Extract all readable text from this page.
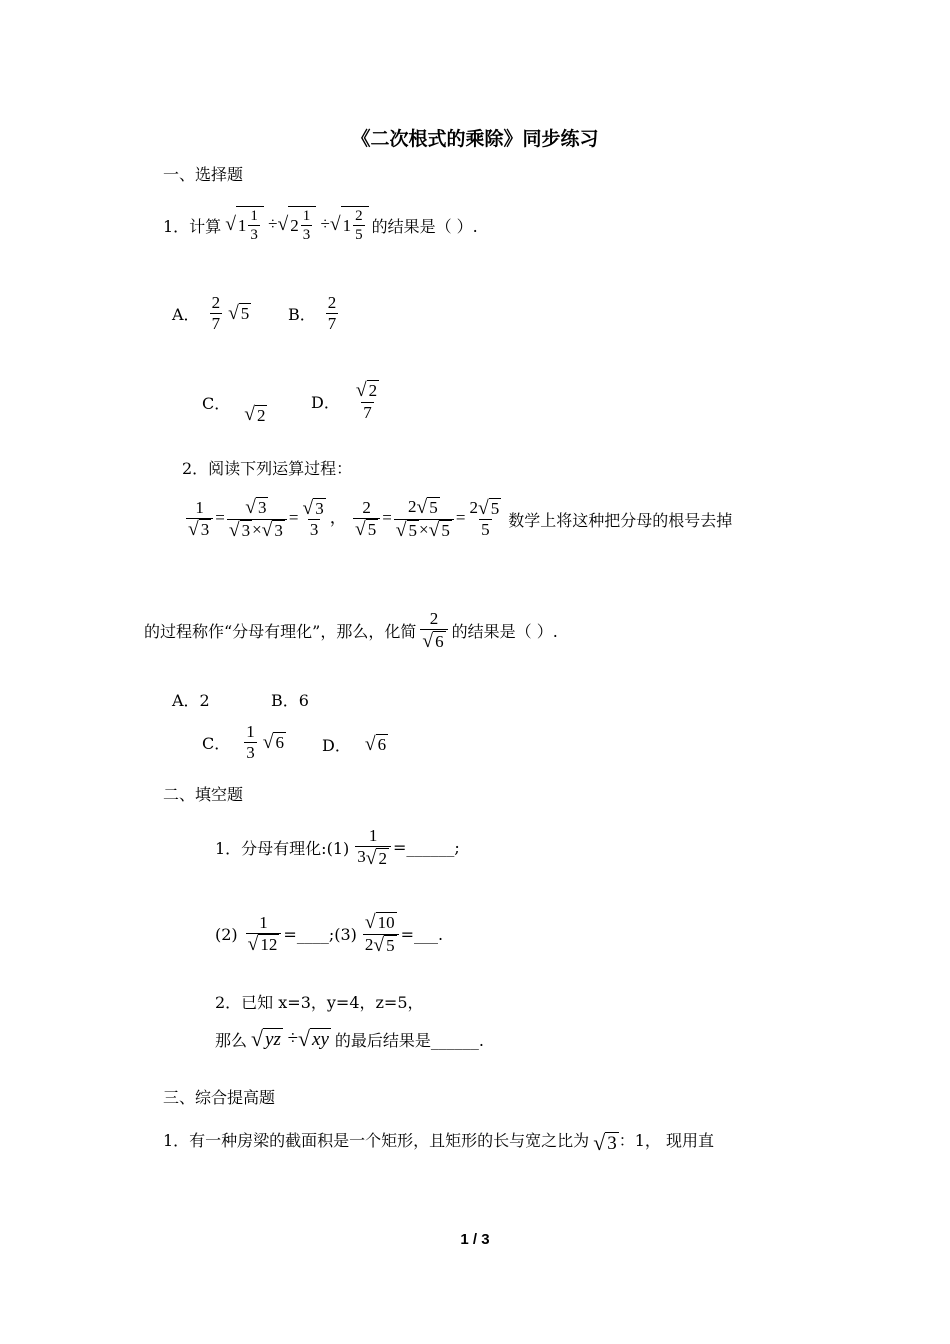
《二次根式的乘除》同步练习
一、选择题
1．计算 √ $1 \frac{1}{3}$ ÷ √ $2 \frac{1}{3}$ ÷ √ $1 \frac{2}{5}$ 的结果是（ ）.
A． $\frac{2}{7}$ √ 5 B． $\frac{2}{7}$
C．
√ 2
D． $\frac{√ 2}{7}$
2．阅读下列运算过程：
$\frac{1}{√ 3} = \frac{√ 3}{√ 3 \times √ 3} = \frac{√ 3}{3}$ ， $\frac{2}{√ 5} = \frac{2 √ 5}{√ 5 \times √ 5} = \frac{2 √ 5}{5}$ 数学上将这种把分母的根号去掉
的过程称作“分母有理化”，那么，化简 $\frac{2}{√ 6}$ 的结果是（ ）.
A．2	B．6
C． $\frac{1}{3}$ √ 6 D． √ 6
二、填空题
1．分母有理化:(1) $\frac{1}{3 √ 2}$ =______;
$(2) \frac{1}{√ 12}$ =____;(3) $\frac{√ 10}{2 √ 5}$ =___.
2．已知 x=3，y=4，z=5，
那么 √ yz ÷ √ xy 的最后结果是______.
三、综合提高题
1．有一种房梁的截面积是一个矩形，且矩形的长与宽之比为 √ 3 ：1， 现用直
1 / 3
